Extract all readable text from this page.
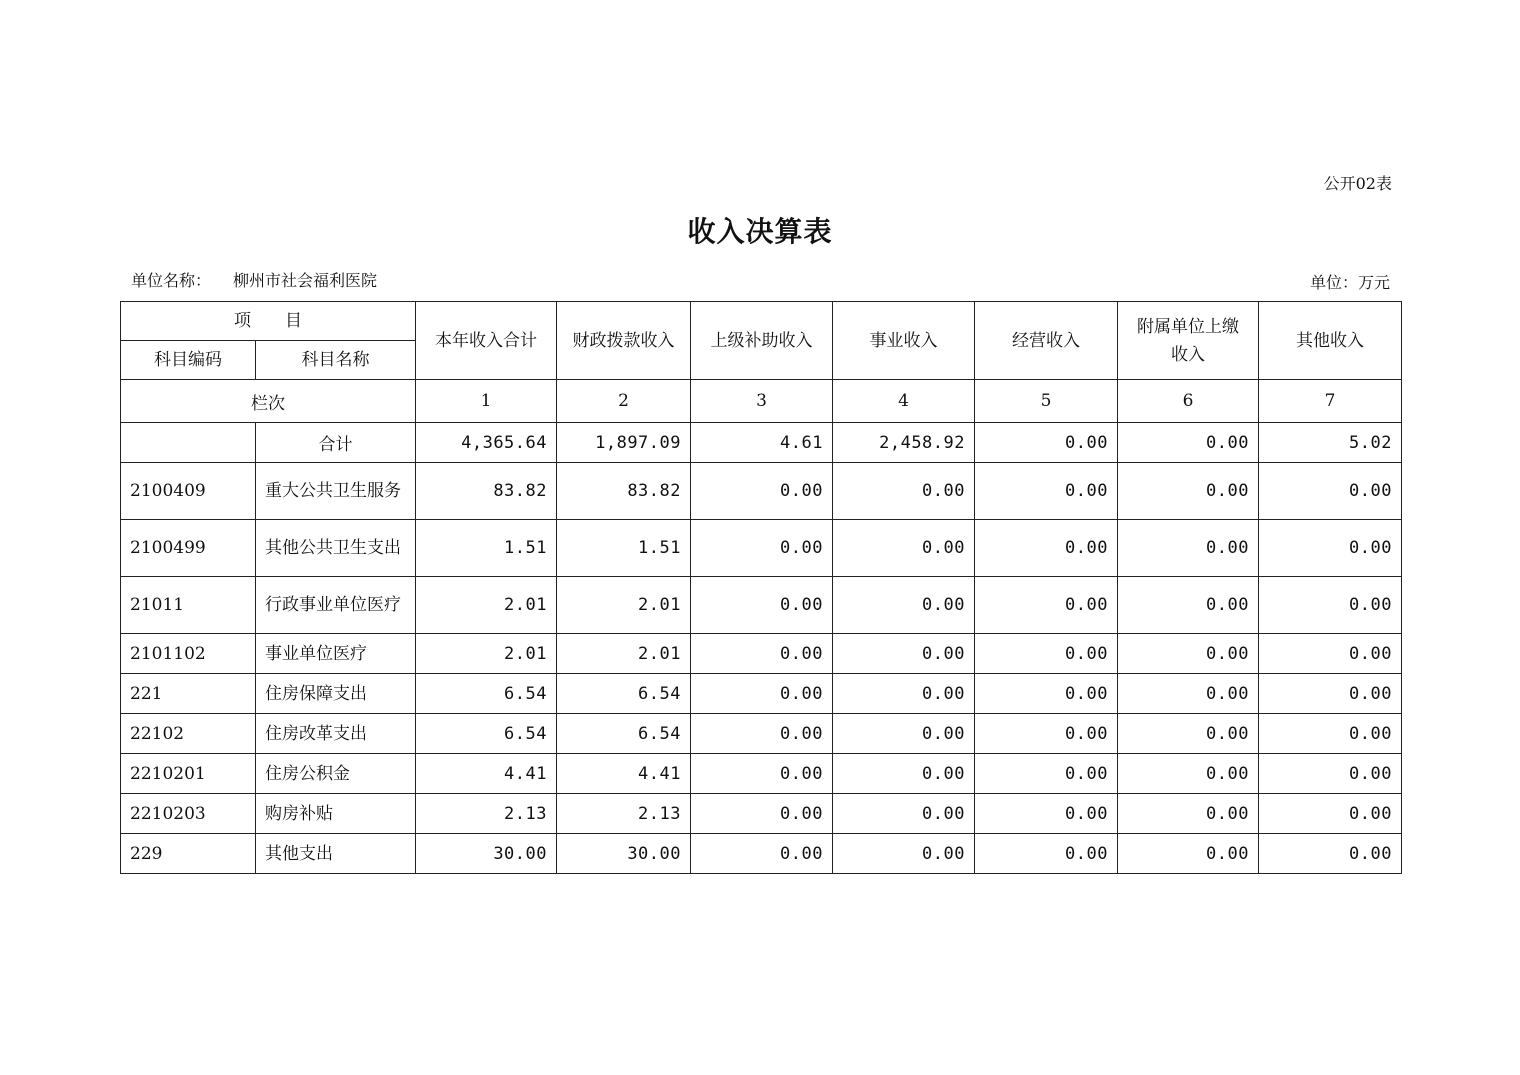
公开02表
收入决算表
单位名称： 柳州市社会福利医院	单位：万元
项　　目		本年收入合计	财政拨款收入	上级补助收入	事业收入	经营收入	附属单位上缴收入	其他收入
科目编码	科目名称							
栏次		1	2	3	4	5	6	7
	合计	4,365.64	1,897.09	4.61	2,458.92	0.00	0.00	5.02
2100409	重大公共卫生服务	83.82	83.82	0.00	0.00	0.00	0.00	0.00
2100499	其他公共卫生支出	1.51	1.51	0.00	0.00	0.00	0.00	0.00
21011	行政事业单位医疗	2.01	2.01	0.00	0.00	0.00	0.00	0.00
2101102	事业单位医疗	2.01	2.01	0.00	0.00	0.00	0.00	0.00
221	住房保障支出	6.54	6.54	0.00	0.00	0.00	0.00	0.00
22102	住房改革支出	6.54	6.54	0.00	0.00	0.00	0.00	0.00
2210201	住房公积金	4.41	4.41	0.00	0.00	0.00	0.00	0.00
2210203	购房补贴	2.13	2.13	0.00	0.00	0.00	0.00	0.00
229	其他支出	30.00	30.00	0.00	0.00	0.00	0.00	0.00
